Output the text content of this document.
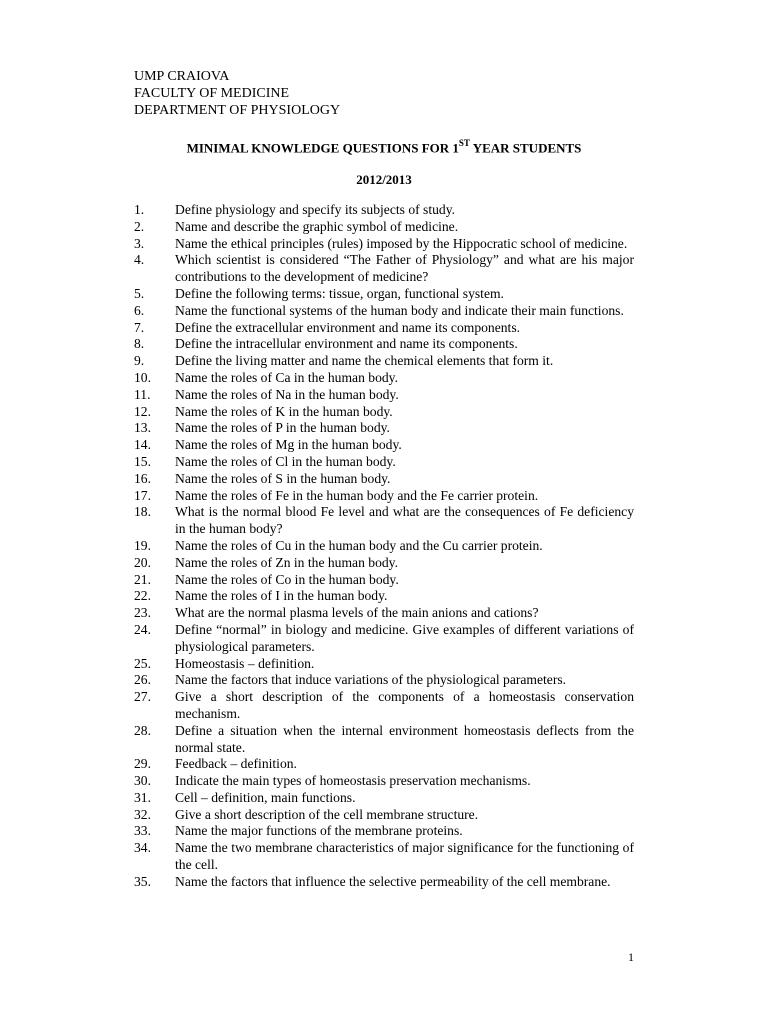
UMP CRAIOVA
FACULTY OF MEDICINE
DEPARTMENT OF PHYSIOLOGY
MINIMAL KNOWLEDGE QUESTIONS FOR 1ST YEAR STUDENTS
2012/2013
1.	Define physiology and specify its subjects of study.
2.	Name and describe the graphic symbol of medicine.
3.	Name the ethical principles (rules) imposed by the Hippocratic school of medicine.
4.	Which scientist is considered “The Father of Physiology” and what are his major contributions to the development of medicine?
5.	Define the following terms: tissue, organ, functional system.
6.	Name the functional systems of the human body and indicate their main functions.
7.	Define the extracellular environment and name its components.
8.	Define the intracellular environment and name its components.
9.	Define the living matter and name the chemical elements that form it.
10.	Name the roles of Ca in the human body.
11.	Name the roles of Na in the human body.
12.	Name the roles of K in the human body.
13.	Name the roles of P in the human body.
14.	Name the roles of Mg in the human body.
15.	Name the roles of Cl in the human body.
16.	Name the roles of S in the human body.
17.	Name the roles of Fe in the human body and the Fe carrier protein.
18.	What is the normal blood Fe level and what are the consequences of Fe deficiency in the human body?
19.	Name the roles of Cu in the human body and the Cu carrier protein.
20.	Name the roles of Zn in the human body.
21.	Name the roles of Co in the human body.
22.	Name the roles of I in the human body.
23.	What are the normal plasma levels of the main anions and cations?
24.	Define “normal” in biology and medicine. Give examples of different variations of physiological parameters.
25.	Homeostasis – definition.
26.	Name the factors that induce variations of the physiological parameters.
27.	Give a short description of the components of a homeostasis conservation mechanism.
28.	Define a situation when the internal environment homeostasis deflects from the normal state.
29.	Feedback – definition.
30.	Indicate the main types of homeostasis preservation mechanisms.
31.	Cell – definition, main functions.
32.	Give a short description of the cell membrane structure.
33.	Name the major functions of the membrane proteins.
34.	Name the two membrane characteristics of major significance for the functioning of the cell.
35.	Name the factors that influence the selective permeability of the cell membrane.
1
